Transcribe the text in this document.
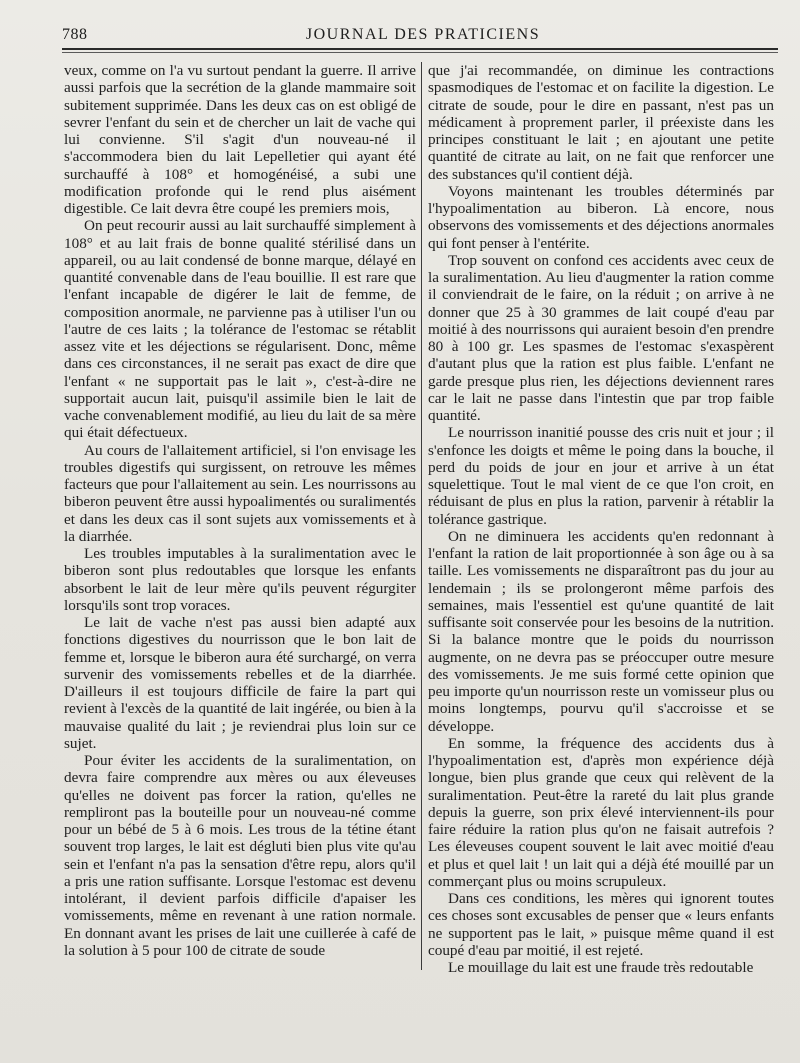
788	JOURNAL DES PRATICIENS

veux, comme on l'a vu surtout pendant la guerre. Il arrive aussi parfois que la secrétion de la glande mammaire soit subitement supprimée. Dans les deux cas on est obligé de sevrer l'enfant du sein et de chercher un lait de vache qui lui convienne. S'il s'agit d'un nouveau-né il s'accommodera bien du lait Lepelletier qui ayant été surchauffé à 108° et homogénéisé, a subi une modification profonde qui le rend plus aisément digestible. Ce lait devra être coupé les premiers mois,

On peut recourir aussi au lait surchauffé simplement à 108° et au lait frais de bonne qualité stérilisé dans un appareil, ou au lait condensé de bonne marque, délayé en quantité convenable dans de l'eau bouillie. Il est rare que l'enfant incapable de digérer le lait de femme, de composition anormale, ne parvienne pas à utiliser l'un ou l'autre de ces laits ; la tolérance de l'estomac se rétablit assez vite et les déjections se régularisent. Donc, même dans ces circonstances, il ne serait pas exact de dire que l'enfant « ne supportait pas le lait », c'est-à-dire ne supportait aucun lait, puisqu'il assimile bien le lait de vache convenablement modifié, au lieu du lait de sa mère qui était défectueux.

Au cours de l'allaitement artificiel, si l'on envisage les troubles digestifs qui surgissent, on retrouve les mêmes facteurs que pour l'allaitement au sein. Les nourrissons au biberon peuvent être aussi hypoalimentés ou suralimentés et dans les deux cas il sont sujets aux vomissements et à la diarrhée.

Les troubles imputables à la suralimentation avec le biberon sont plus redoutables que lorsque les enfants absorbent le lait de leur mère qu'ils peuvent régurgiter lorsqu'ils sont trop voraces.

Le lait de vache n'est pas aussi bien adapté aux fonctions digestives du nourrisson que le bon lait de femme et, lorsque le biberon aura été surchargé, on verra survenir des vomissements rebelles et de la diarrhée. D'ailleurs il est toujours difficile de faire la part qui revient à l'excès de la quantité de lait ingérée, ou bien à la mauvaise qualité du lait ; je reviendrai plus loin sur ce sujet.

Pour éviter les accidents de la suralimentation, on devra faire comprendre aux mères ou aux éleveuses qu'elles ne doivent pas forcer la ration, qu'elles ne rempliront pas la bouteille pour un nouveau-né comme pour un bébé de 5 à 6 mois. Les trous de la tétine étant souvent trop larges, le lait est dégluti bien plus vite qu'au sein et l'enfant n'a pas la sensation d'être repu, alors qu'il a pris une ration suffisante. Lorsque l'estomac est devenu intolérant, il devient parfois difficile d'apaiser les vomissements, même en revenant à une ration normale. En donnant avant les prises de lait une cuillerée à café de la solution à 5 pour 100 de citrate de soude

que j'ai recommandée, on diminue les contractions spasmodiques de l'estomac et on facilite la digestion. Le citrate de soude, pour le dire en passant, n'est pas un médicament à proprement parler, il préexiste dans les principes constituant le lait ; en ajoutant une petite quantité de citrate au lait, on ne fait que renforcer une des substances qu'il contient déjà.

Voyons maintenant les troubles déterminés par l'hypoalimentation au biberon. Là encore, nous observons des vomissements et des déjections anormales qui font penser à l'entérite.

Trop souvent on confond ces accidents avec ceux de la suralimentation. Au lieu d'augmenter la ration comme il conviendrait de le faire, on la réduit ; on arrive à ne donner que 25 à 30 grammes de lait coupé d'eau par moitié à des nourrissons qui auraient besoin d'en prendre 80 à 100 gr. Les spasmes de l'estomac s'exaspèrent d'autant plus que la ration est plus faible. L'enfant ne garde presque plus rien, les déjections deviennent rares car le lait ne passe dans l'intestin que par trop faible quantité.

Le nourrisson inanitié pousse des cris nuit et jour ; il s'enfonce les doigts et même le poing dans la bouche, il perd du poids de jour en jour et arrive à un état squelettique. Tout le mal vient de ce que l'on croit, en réduisant de plus en plus la ration, parvenir à rétablir la tolérance gastrique.

On ne diminuera les accidents qu'en redonnant à l'enfant la ration de lait proportionnée à son âge ou à sa taille. Les vomissements ne disparaîtront pas du jour au lendemain ; ils se prolongeront même parfois des semaines, mais l'essentiel est qu'une quantité de lait suffisante soit conservée pour les besoins de la nutrition. Si la balance montre que le poids du nourrisson augmente, on ne devra pas se préoccuper outre mesure des vomissements. Je me suis formé cette opinion que peu importe qu'un nourrisson reste un vomisseur plus ou moins longtemps, pourvu qu'il s'accroisse et se développe.

En somme, la fréquence des accidents dus à l'hypoalimentation est, d'après mon expérience déjà longue, bien plus grande que ceux qui relèvent de la suralimentation. Peut-être la rareté du lait plus grande depuis la guerre, son prix élevé interviennent-ils pour faire réduire la ration plus qu'on ne faisait autrefois ? Les éleveuses coupent souvent le lait avec moitié d'eau et plus et quel lait ! un lait qui a déjà été mouillé par un commerçant plus ou moins scrupuleux.

Dans ces conditions, les mères qui ignorent toutes ces choses sont excusables de penser que « leurs enfants ne supportent pas le lait, » puisque même quand il est coupé d'eau par moitié, il est rejeté.

Le mouillage du lait est une fraude très redoutable
